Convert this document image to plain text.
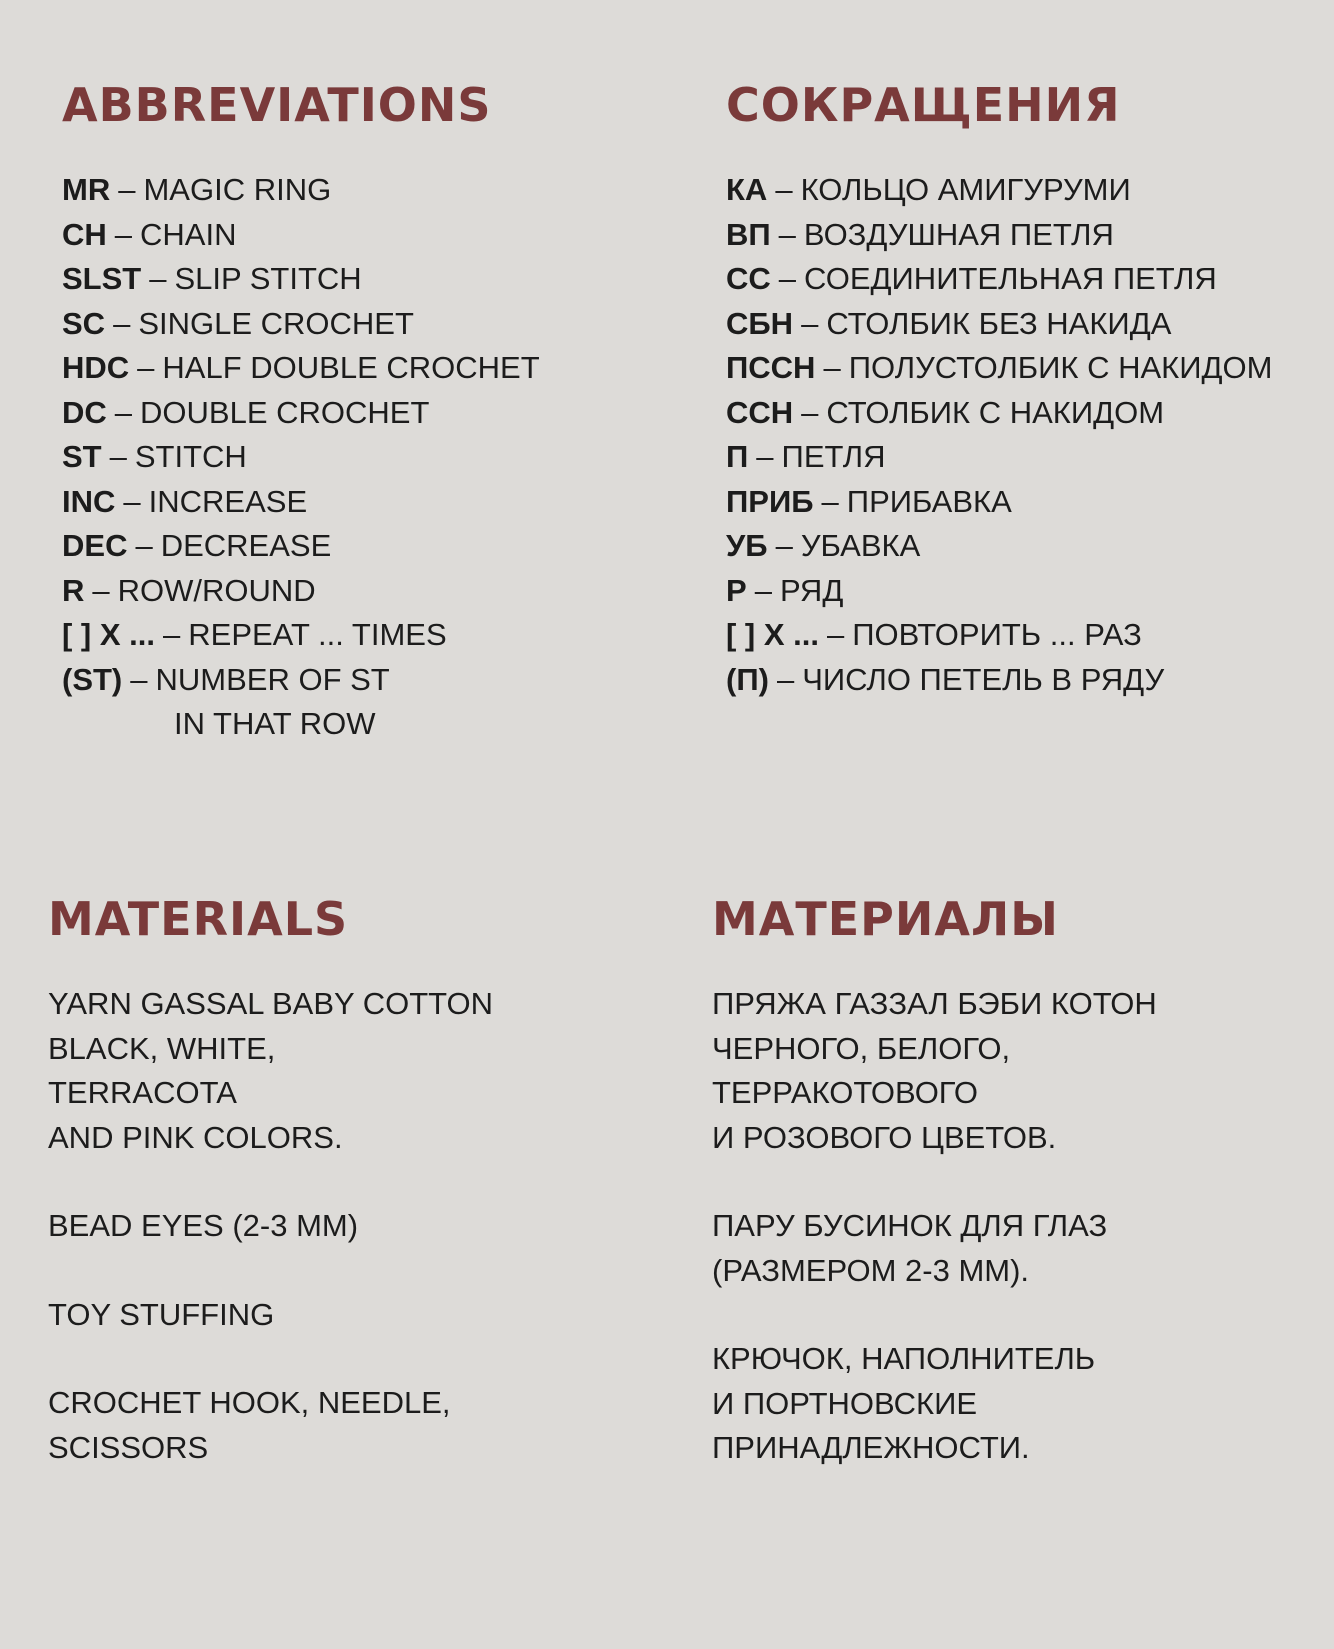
ABBREVIATIONS
MR – MAGIC RING
CH – CHAIN
SLST – SLIP STITCH
SC – SINGLE CROCHET
HDC – HALF DOUBLE CROCHET
DC – DOUBLE CROCHET
ST – STITCH
INC – INCREASE
DEC – DECREASE
R – ROW/ROUND
[ ] X ... – REPEAT ... TIMES
(ST) – NUMBER OF ST
IN THAT ROW
СОКРАЩЕНИЯ
КА – КОЛЬЦО АМИГУРУМИ
ВП – ВОЗДУШНАЯ ПЕТЛЯ
СС – СОЕДИНИТЕЛЬНАЯ ПЕТЛЯ
СБН – СТОЛБИК БЕЗ НАКИДА
ПССН – ПОЛУСТОЛБИК С НАКИДОМ
ССН – СТОЛБИК С НАКИДОМ
П – ПЕТЛЯ
ПРИБ – ПРИБАВКА
УБ – УБАВКА
Р – РЯД
[ ] Х ... – ПОВТОРИТЬ ... РАЗ
(П) – ЧИСЛО ПЕТЕЛЬ В РЯДУ
MATERIALS
YARN GASSAL BABY COTTON
BLACK, WHITE,
TERRACOTA
AND PINK COLORS.
BEAD EYES (2-3 MM)
TOY STUFFING
CROCHET HOOK, NEEDLE,
SCISSORS
МАТЕРИАЛЫ
ПРЯЖА ГАЗЗАЛ БЭБИ КОТОН
ЧЕРНОГО, БЕЛОГО,
ТЕРРАКОТОВОГО
И РОЗОВОГО ЦВЕТОВ.
ПАРУ БУСИНОК ДЛЯ ГЛАЗ
(РАЗМЕРОМ 2-3 ММ).
КРЮЧОК, НАПОЛНИТЕЛЬ
И ПОРТНОВСКИЕ
ПРИНАДЛЕЖНОСТИ.
